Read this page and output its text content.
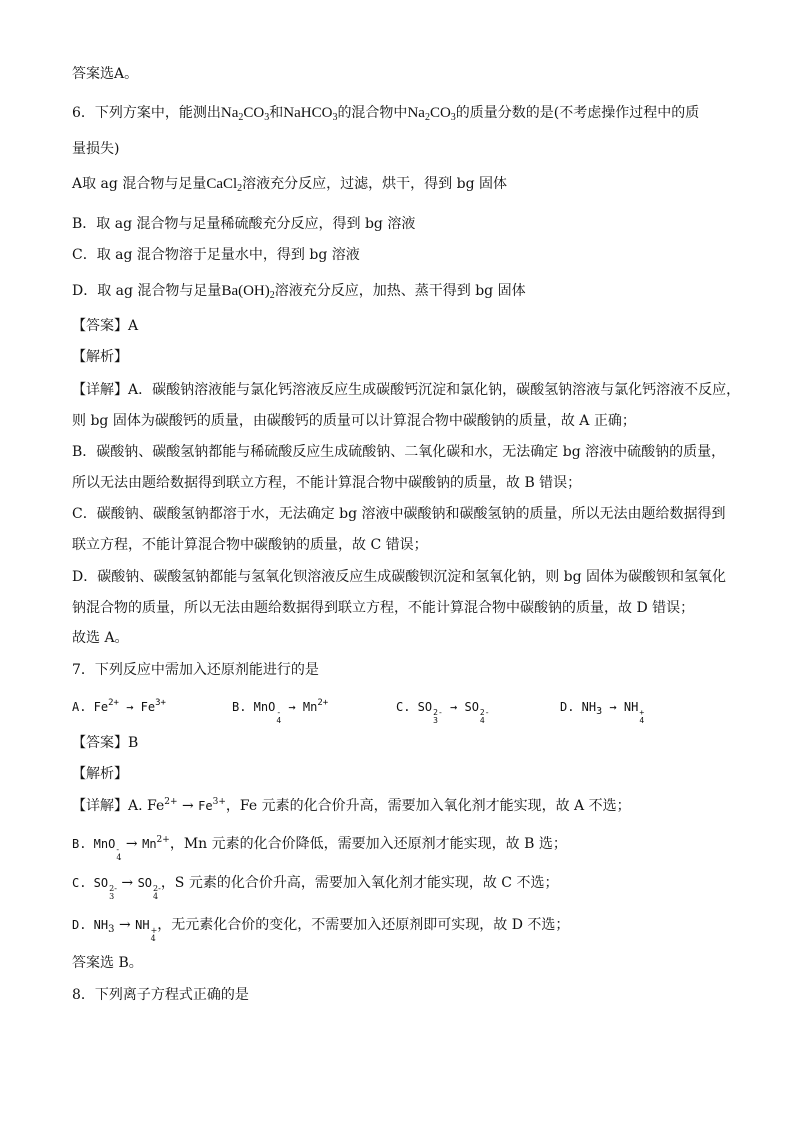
答案选A。
6．下列方案中，能测出$Na_2CO_3$和NaHCO$_3$的混合物中$Na_2CO_3$的质量分数的是(不考虑操作过程中的质
量损失)
A取 ag 混合物与足量CaCl$_2$溶液充分反应，过滤，烘干，得到 bg 固体
B．取 ag 混合物与足量稀硫酸充分反应，得到 bg 溶液
C．取 ag 混合物溶于足量水中，得到 bg 溶液
D．取 ag 混合物与足量$Ba(OH)_2$溶液充分反应，加热、蒸干得到 bg 固体
【答案】A
【解析】
【详解】A．碳酸钠溶液能与氯化钙溶液反应生成碳酸钙沉淀和氯化钠，碳酸氢钠溶液与氯化钙溶液不反应，
则 bg 固体为碳酸钙的质量，由碳酸钙的质量可以计算混合物中碳酸钠的质量，故 A 正确；
B．碳酸钠、碳酸氢钠都能与稀硫酸反应生成硫酸钠、二氧化碳和水，无法确定 bg 溶液中硫酸钠的质量，
所以无法由题给数据得到联立方程，不能计算混合物中碳酸钠的质量，故 B 错误；
C．碳酸钠、碳酸氢钠都溶于水，无法确定 bg 溶液中碳酸钠和碳酸氢钠的质量，所以无法由题给数据得到
联立方程，不能计算混合物中碳酸钠的质量，故 C 错误；
D．碳酸钠、碳酸氢钠都能与氢氧化钡溶液反应生成碳酸钡沉淀和氢氧化钠，则 bg 固体为碳酸钡和氢氧化
钠混合物的质量，所以无法由题给数据得到联立方程，不能计算混合物中碳酸钠的质量，故 D 错误；
故选 A。
7．下列反应中需加入还原剂能进行的是
A. $Fe^{2+} \to Fe^{3+}$	B. MnO -
4
→ $Mn^{2+}$	C. SO 2-
3
→ SO 2-
4
D. $NH_3$ → NH +
4
【答案】B
【解析】
【详解】A. $Fe^{2+} \to Fe^{3+}$，Fe 元素的化合价升高，需要加入氧化剂才能实现，故 A 不选；
B. MnO -
4
→ $Mn^{2+}$，Mn 元素的化合价降低，需要加入还原剂才能实现，故 B 选；
C. SO 2-
3
→ SO 2-
4
，S 元素的化合价升高，需要加入氧化剂才能实现，故 C 不选；
D. $NH_3$ → NH +
4
，无元素化合价的变化，不需要加入还原剂即可实现，故 D 不选；
答案选 B。
8．下列离子方程式正确的是
